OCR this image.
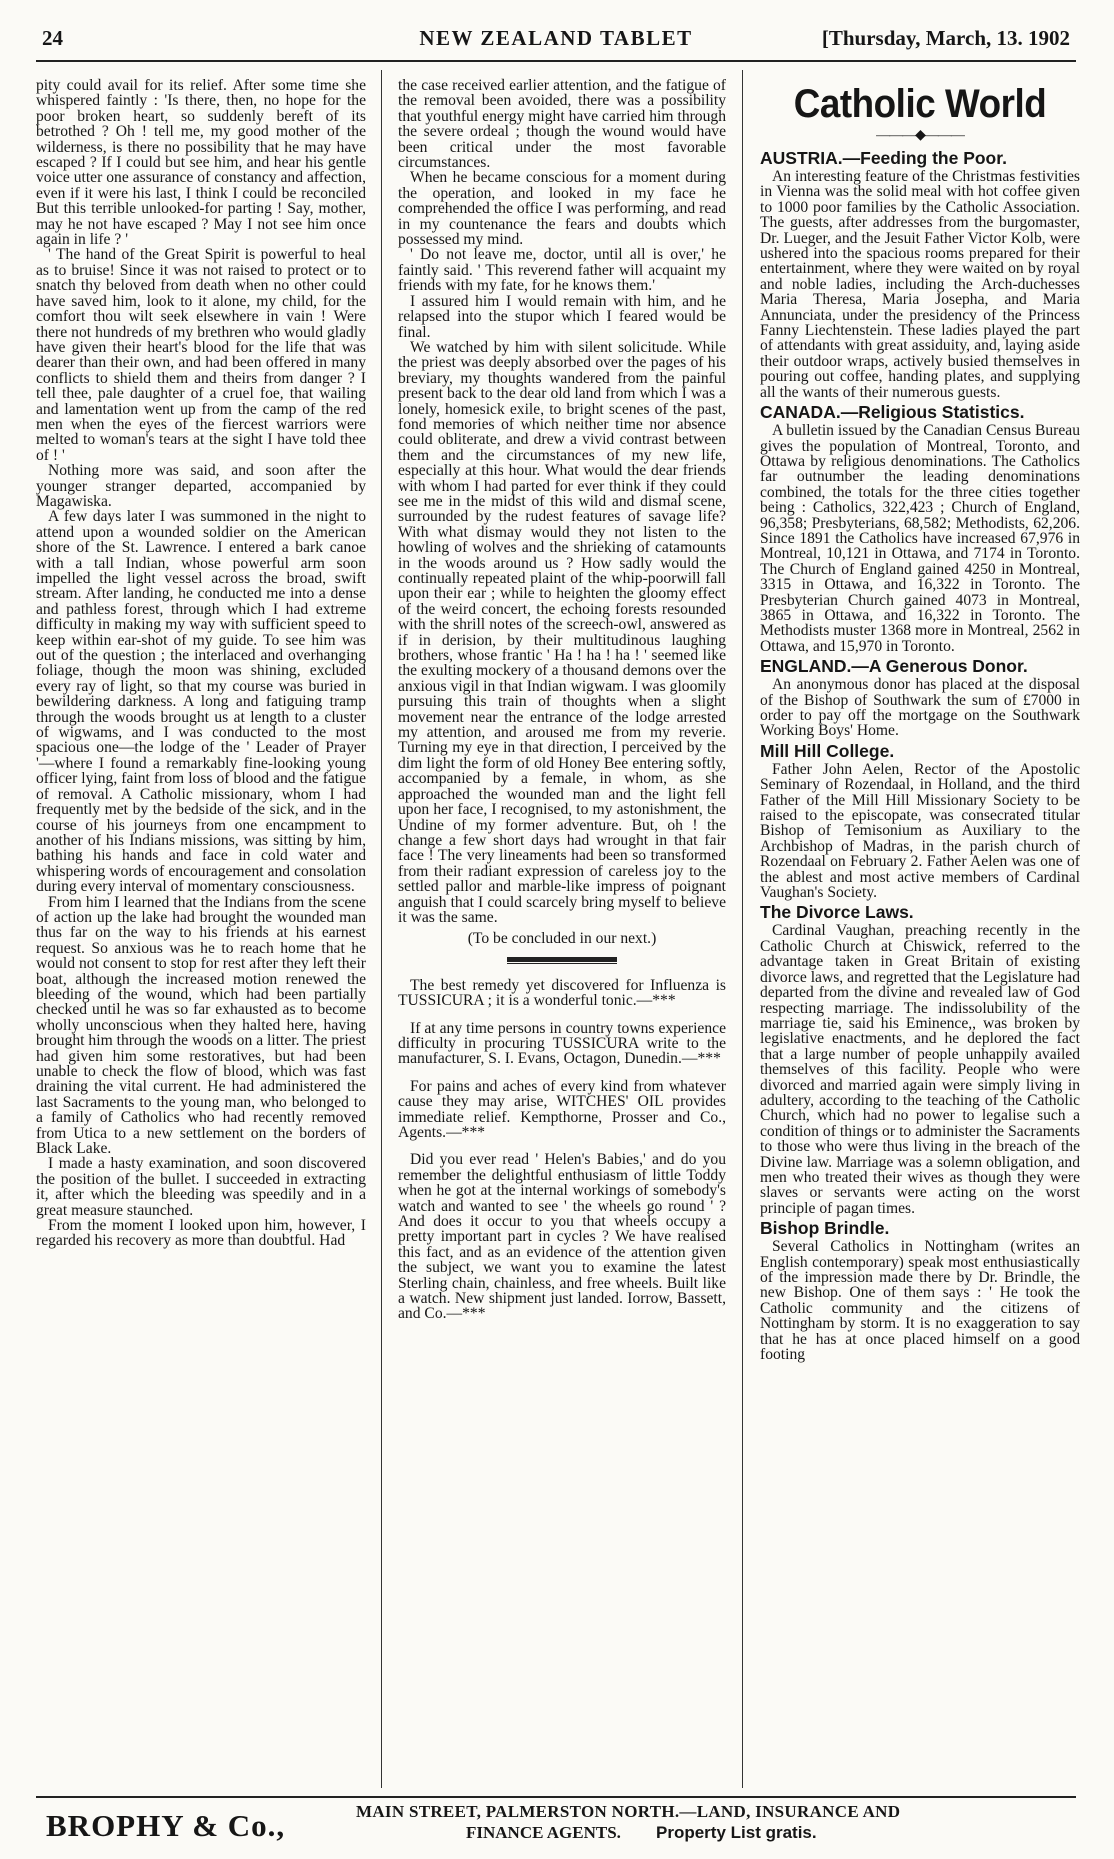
24	NEW ZEALAND TABLET	[Thursday, March, 13. 1902

pity could avail for its relief. After some time she whispered faintly : 'Is there, then, no hope for the poor broken heart, so suddenly bereft of its betrothed ? Oh ! tell me, my good mother of the wilderness, is there no possibility that he may have escaped ? If I could but see him, and hear his gentle voice utter one assurance of constancy and affection, even if it were his last, I think I could be reconciled But this terrible unlooked-for parting ! Say, mother, may he not have escaped ? May I not see him once again in life ? '

' The hand of the Great Spirit is powerful to heal as to bruise! Since it was not raised to protect or to snatch thy beloved from death when no other could have saved him, look to it alone, my child, for the comfort thou wilt seek elsewhere in vain ! Were there not hundreds of my brethren who would gladly have given their heart's blood for the life that was dearer than their own, and had been offered in many conflicts to shield them and theirs from danger ? I tell thee, pale daughter of a cruel foe, that wailing and lamentation went up from the camp of the red men when the eyes of the fiercest warriors were melted to woman's tears at the sight I have told thee of ! '

Nothing more was said, and soon after the younger stranger departed, accompanied by Magawiska.

A few days later I was summoned in the night to attend upon a wounded soldier on the American shore of the St. Lawrence. I entered a bark canoe with a tall Indian, whose powerful arm soon impelled the light vessel across the broad, swift stream. After landing, he conducted me into a dense and pathless forest, through which I had extreme difficulty in making my way with sufficient speed to keep within ear-shot of my guide. To see him was out of the question ; the interlaced and overhanging foliage, though the moon was shining, excluded every ray of light, so that my course was buried in bewildering darkness. A long and fatiguing tramp through the woods brought us at length to a cluster of wigwams, and I was conducted to the most spacious one—the lodge of the ' Leader of Prayer '—where I found a remarkably fine-looking young officer lying, faint from loss of blood and the fatigue of removal. A Catholic missionary, whom I had frequently met by the bedside of the sick, and in the course of his journeys from one encampment to another of his Indians missions, was sitting by him, bathing his hands and face in cold water and whispering words of encouragement and consolation during every interval of momentary consciousness.

From him I learned that the Indians from the scene of action up the lake had brought the wounded man thus far on the way to his friends at his earnest request. So anxious was he to reach home that he would not consent to stop for rest after they left their boat, although the increased motion renewed the bleeding of the wound, which had been partially checked until he was so far exhausted as to become wholly unconscious when they halted here, having brought him through the woods on a litter. The priest had given him some restoratives, but had been unable to check the flow of blood, which was fast draining the vital current. He had administered the last Sacraments to the young man, who belonged to a family of Catholics who had recently removed from Utica to a new settlement on the borders of Black Lake.

I made a hasty examination, and soon discovered the position of the bullet. I succeeded in extracting it, after which the bleeding was speedily and in a great measure staunched.

From the moment I looked upon him, however, I regarded his recovery as more than doubtful. Had

the case received earlier attention, and the fatigue of the removal been avoided, there was a possibility that youthful energy might have carried him through the severe ordeal ; though the wound would have been critical under the most favorable circumstances.

When he became conscious for a moment during the operation, and looked in my face he comprehended the office I was performing, and read in my countenance the fears and doubts which possessed my mind.

' Do not leave me, doctor, until all is over,' he faintly said. ' This reverend father will acquaint my friends with my fate, for he knows them.'

I assured him I would remain with him, and he relapsed into the stupor which I feared would be final.

We watched by him with silent solicitude. While the priest was deeply absorbed over the pages of his breviary, my thoughts wandered from the painful present back to the dear old land from which I was a lonely, homesick exile, to bright scenes of the past, fond memories of which neither time nor absence could obliterate, and drew a vivid contrast between them and the circumstances of my new life, especially at this hour. What would the dear friends with whom I had parted for ever think if they could see me in the midst of this wild and dismal scene, surrounded by the rudest features of savage life? With what dismay would they not listen to the howling of wolves and the shrieking of catamounts in the woods around us ? How sadly would the continually repeated plaint of the whip-poorwill fall upon their ear ; while to heighten the gloomy effect of the weird concert, the echoing forests resounded with the shrill notes of the screech-owl, answered as if in derision, by their multitudinous laughing brothers, whose frantic ' Ha ! ha ! ha ! ' seemed like the exulting mockery of a thousand demons over the anxious vigil in that Indian wigwam. I was gloomily pursuing this train of thoughts when a slight movement near the entrance of the lodge arrested my attention, and aroused me from my reverie. Turning my eye in that direction, I perceived by the dim light the form of old Honey Bee entering softly, accompanied by a female, in whom, as she approached the wounded man and the light fell upon her face, I recognised, to my astonishment, the Undine of my former adventure. But, oh ! the change a few short days had wrought in that fair face ! The very lineaments had been so transformed from their radiant expression of careless joy to the settled pallor and marble-like impress of poignant anguish that I could scarcely bring myself to believe it was the same.

(To be concluded in our next.)

The best remedy yet discovered for Influenza is TUSSICURA ; it is a wonderful tonic.—***

If at any time persons in country towns experience difficulty in procuring TUSSICURA write to the manufacturer, S. I. Evans, Octagon, Dunedin.—***

For pains and aches of every kind from whatever cause they may arise, WITCHES' OIL provides immediate relief. Kempthorne, Prosser and Co., Agents.—***

Did you ever read ' Helen's Babies,' and do you remember the delightful enthusiasm of little Toddy when he got at the internal workings of somebody's watch and wanted to see ' the wheels go round ' ? And does it occur to you that wheels occupy a pretty important part in cycles ? We have realised this fact, and as an evidence of the attention given the subject, we want you to examine the latest Sterling chain, chainless, and free wheels. Built like a watch. New shipment just landed. Iorrow, Bassett, and Co.—***

Catholic World
———◆———
AUSTRIA.—Feeding the Poor.

An interesting feature of the Christmas festivities in Vienna was the solid meal with hot coffee given to 1000 poor families by the Catholic Association. The guests, after addresses from the burgomaster, Dr. Lueger, and the Jesuit Father Victor Kolb, were ushered into the spacious rooms prepared for their entertainment, where they were waited on by royal and noble ladies, including the Arch-duchesses Maria Theresa, Maria Josepha, and Maria Annunciata, under the presidency of the Princess Fanny Liechtenstein. These ladies played the part of attendants with great assiduity, and, laying aside their outdoor wraps, actively busied themselves in pouring out coffee, handing plates, and supplying all the wants of their numerous guests.

CANADA.—Religious Statistics.

A bulletin issued by the Canadian Census Bureau gives the population of Montreal, Toronto, and Ottawa by religious denominations. The Catholics far outnumber the leading denominations combined, the totals for the three cities together being : Catholics, 322,423 ; Church of England, 96,358; Presbyterians, 68,582; Methodists, 62,206. Since 1891 the Catholics have increased 67,976 in Montreal, 10,121 in Ottawa, and 7174 in Toronto. The Church of England gained 4250 in Montreal, 3315 in Ottawa, and 16,322 in Toronto. The Presbyterian Church gained 4073 in Montreal, 3865 in Ottawa, and 16,322 in Toronto. The Methodists muster 1368 more in Montreal, 2562 in Ottawa, and 15,970 in Toronto.

ENGLAND.—A Generous Donor.

An anonymous donor has placed at the disposal of the Bishop of Southwark the sum of £7000 in order to pay off the mortgage on the Southwark Working Boys' Home.

Mill Hill College.

Father John Aelen, Rector of the Apostolic Seminary of Rozendaal, in Holland, and the third Father of the Mill Hill Missionary Society to be raised to the episcopate, was consecrated titular Bishop of Temisonium as Auxiliary to the Archbishop of Madras, in the parish church of Rozendaal on February 2. Father Aelen was one of the ablest and most active members of Cardinal Vaughan's Society.

The Divorce Laws.

Cardinal Vaughan, preaching recently in the Catholic Church at Chiswick, referred to the advantage taken in Great Britain of existing divorce laws, and regretted that the Legislature had departed from the divine and revealed law of God respecting marriage. The indissolubility of the marriage tie, said his Eminence,, was broken by legislative enactments, and he deplored the fact that a large number of people unhappily availed themselves of this facility. People who were divorced and married again were simply living in adultery, according to the teaching of the Catholic Church, which had no power to legalise such a condition of things or to administer the Sacraments to those who were thus living in the breach of the Divine law. Marriage was a solemn obligation, and men who treated their wives as though they were slaves or servants were acting on the worst principle of pagan times.

Bishop Brindle.

Several Catholics in Nottingham (writes an English contemporary) speak most enthusiastically of the impression made there by Dr. Brindle, the new Bishop. One of them says : ' He took the Catholic community and the citizens of Nottingham by storm. It is no exaggeration to say that he has at once placed himself on a good footing

BROPHY & Co.,	MAIN STREET, PALMERSTON NORTH.—LAND, INSURANCE AND
FINANCE AGENTS. Property List gratis.
